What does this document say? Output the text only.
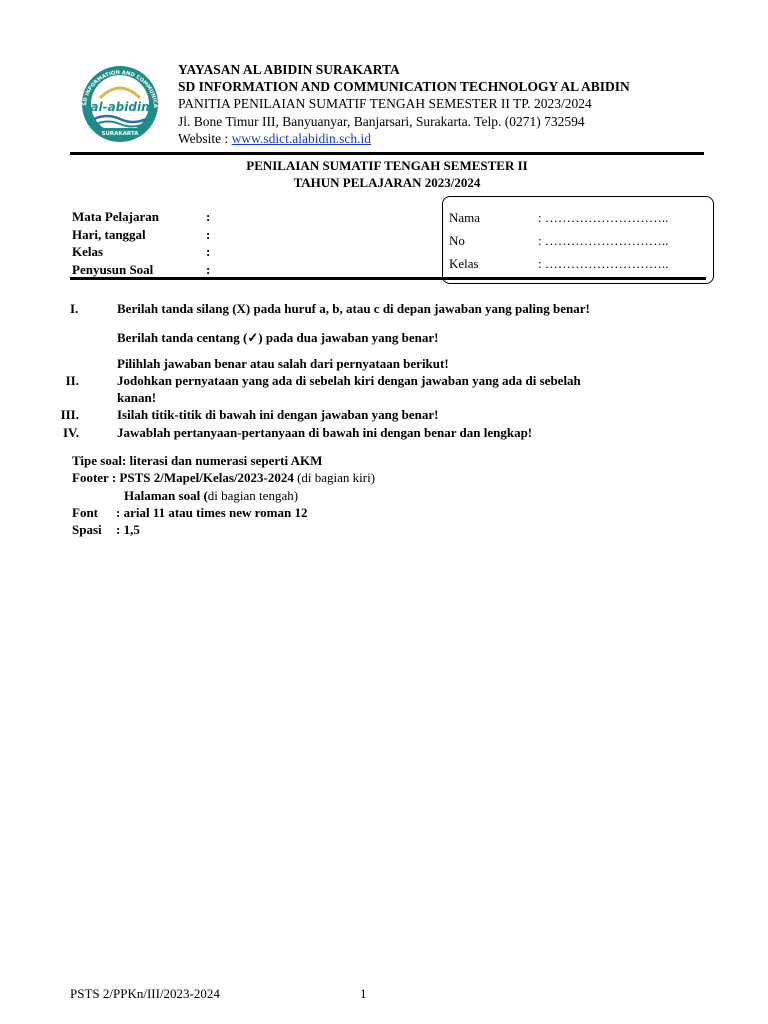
SD INFORMATION AND COMMUNICA
al-abidin
SURAKARTA
YAYASAN AL ABIDIN SURAKARTA
SD INFORMATION AND COMMUNICATION TECHNOLOGY AL ABIDIN
PANITIA PENILAIAN SUMATIF TENGAH SEMESTER II TP. 2023/2024
Jl. Bone Timur III, Banyuanyar, Banjarsari, Surakarta. Telp. (0271) 732594
Website : www.sdict.alabidin.sch.id
PENILAIAN SUMATIF TENGAH SEMESTER II
TAHUN PELAJARAN 2023/2024
Mata Pelajaran	:
Hari, tanggal	:
Kelas	:
Penyusun Soal	:
Nama	: ………………………..
No	: ………………………..
Kelas	: ………………………..
I.	Berilah tanda silang (X) pada huruf a, b, atau c di depan jawaban yang paling benar!
Berilah tanda centang (✓) pada dua jawaban yang benar!
Pilihlah jawaban benar atau salah dari pernyataan berikut!
II.	Jodohkan pernyataan yang ada di sebelah kiri dengan jawaban yang ada di sebelah
kanan!
III.	Isilah titik-titik di bawah ini dengan jawaban yang benar!
IV.	Jawablah pertanyaan-pertanyaan di bawah ini dengan benar dan lengkap!
Tipe soal: literasi dan numerasi seperti AKM
Footer : PSTS 2/Mapel/Kelas/2023-2024 (di bagian kiri)
Halaman soal (di bagian tengah)
Font : arial 11 atau times new roman 12
Spasi : 1,5
PSTS 2/PPKn/III/2023-2024	1
